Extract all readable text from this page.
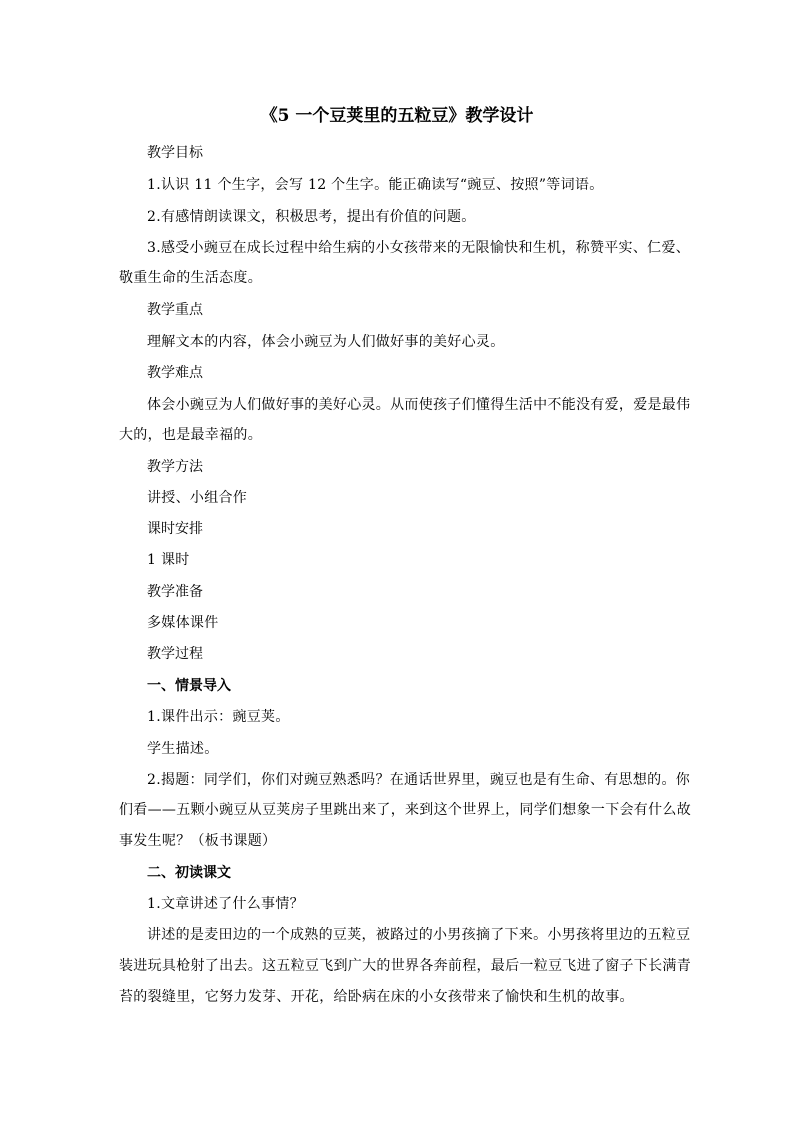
《5 一个豆荚里的五粒豆》教学设计
教学目标
1.认识 11 个生字，会写 12 个生字。能正确读写“豌豆、按照”等词语。
2.有感情朗读课文，积极思考，提出有价值的问题。
3.感受小豌豆在成长过程中给生病的小女孩带来的无限愉快和生机，称赞平实、仁爱、
敬重生命的生活态度。
教学重点
理解文本的内容，体会小豌豆为人们做好事的美好心灵。
教学难点
体会小豌豆为人们做好事的美好心灵。从而使孩子们懂得生活中不能没有爱，爱是最伟
大的，也是最幸福的。
教学方法
讲授、小组合作
课时安排
1 课时
教学准备
多媒体课件
教学过程
一、情景导入
1.课件出示：豌豆荚。
学生描述。
2.揭题：同学们，你们对豌豆熟悉吗？在通话世界里，豌豆也是有生命、有思想的。你
们看——五颗小豌豆从豆荚房子里跳出来了，来到这个世界上，同学们想象一下会有什么故
事发生呢？（板书课题）
二、初读课文
1.文章讲述了什么事情？
讲述的是麦田边的一个成熟的豆荚，被路过的小男孩摘了下来。小男孩将里边的五粒豆
装进玩具枪射了出去。这五粒豆飞到广大的世界各奔前程，最后一粒豆飞进了窗子下长满青
苔的裂缝里，它努力发芽、开花，给卧病在床的小女孩带来了愉快和生机的故事。
